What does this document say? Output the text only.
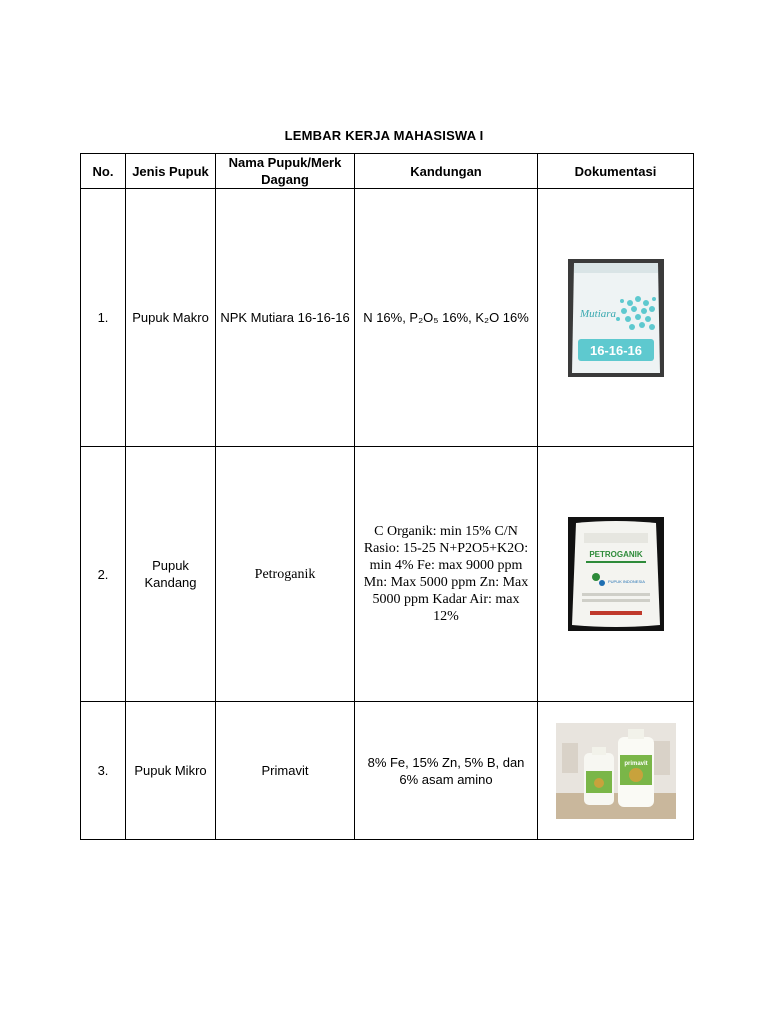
LEMBAR KERJA MAHASISWA I
No.	Jenis Pupuk	Nama Pupuk/Merk Dagang	Kandungan	Dokumentasi
1.	Pupuk Makro	NPK Mutiara 16-16-16	N 16%, P₂O₅ 16%, K₂O 16%	Mutiara
16-16-16

2.	Pupuk Kandang	Petroganik	C Organik: min 15% C/N Rasio: 15-25 N+P2O5+K2O: min 4% Fe: max 9000 ppm Mn: Max 5000 ppm Zn: Max 5000 ppm Kadar Air: max 12%	PETROGANIK
PUPUK INDONESIA

3.	Pupuk Mikro	Primavit	8% Fe, 15% Zn, 5% B, dan 6% asam amino	primavit
